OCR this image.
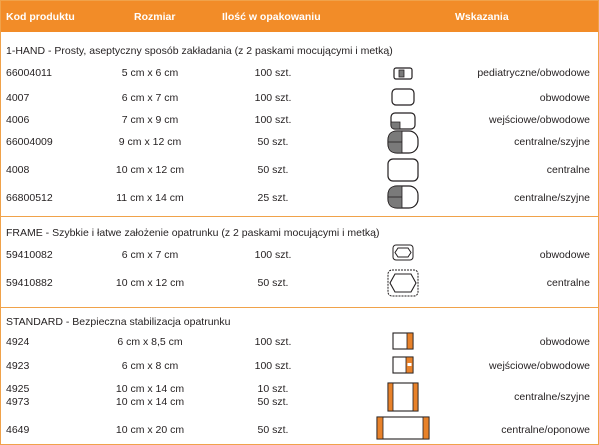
Kod produktu	Rozmiar	Ilość w opakowaniu	Wskazania
1-HAND - Prosty, aseptyczny sposób zakładania (z 2 paskami mocującymi i metką)
66004011	5 cm x 6 cm	100 szt.	pediatryczne/obwodowe
4007	6 cm x 7 cm	100 szt.	obwodowe
4006	7 cm x 9 cm	100 szt.	wejściowe/obwodowe
66004009	9 cm x 12 cm	50 szt.	centralne/szyjne
4008	10 cm x 12 cm	50 szt.	centralne
66800512	11 cm x 14 cm	25 szt.	centralne/szyjne
FRAME - Szybkie i łatwe założenie opatrunku (z 2 paskami mocującymi i metką)
59410082	6 cm x 7 cm	100 szt.	obwodowe
59410882	10 cm x 12 cm	50 szt.	centralne
STANDARD - Bezpieczna stabilizacja opatrunku
4924	6 cm x 8,5 cm	100 szt.	obwodowe
4923	6 cm x 8 cm	100 szt.	wejściowe/obwodowe
4925	10 cm x 14 cm	10 szt.
4973	10 cm x 14 cm	50 szt.	centralne/szyjne
4649	10 cm x 20 cm	50 szt.	centralne/oponowe
